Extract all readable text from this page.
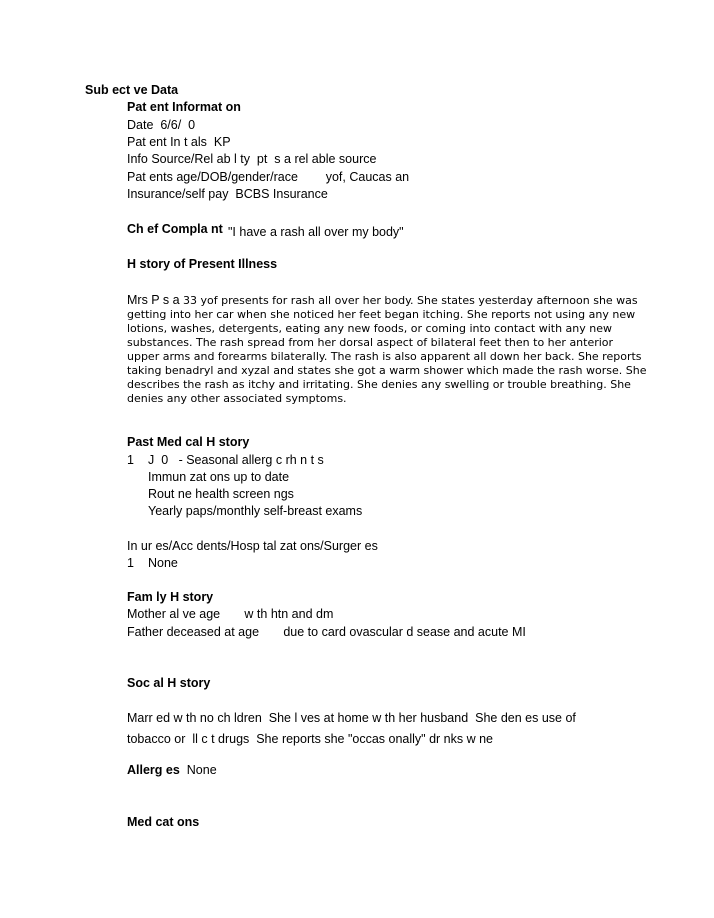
Sub ect ve Data
Pat ent Informat on
Date  6/6/  0
Pat ent In t als  KP
Info Source/Rel ab l ty  pt  s a rel able source
Pat ents age/DOB/gender/race        yof, Caucas an
Insurance/self pay  BCBS Insurance
Ch ef Compla nt "I have a rash all over my body"
H story of Present Illness
Mrs P s a 33 yof presents for rash all over her body. She states yesterday afternoon she was getting into her car when she noticed her feet began itching. She reports not using any new lotions, washes, detergents, eating any new foods, or coming into contact with any new substances. The rash spread from her dorsal aspect of bilateral feet then to her anterior upper arms and forearms bilaterally. The rash is also apparent all down her back. She reports taking benadryl and xyzal and states she got a warm shower which made the rash worse. She describes the rash as itchy and irritating. She denies any swelling or trouble breathing. She denies any other associated symptoms.
Past Med cal H story
1 J  0   - Seasonal allerg c rh n t s
Immun zat ons up to date
Rout ne health screen ngs
Yearly paps/monthly self-breast exams
In ur es/Acc dents/Hosp tal zat ons/Surger es
1 None
Fam ly H story
Mother al ve age       w th htn and dm
Father deceased at age       due to card ovascular d sease and acute MI
Soc al H story
Marr ed w th no ch ldren  She l ves at home w th her husband  She den es use of
tobacco or  ll c t drugs  She reports she "occas onally" dr nks w ne
Allerg es None
Med cat ons
